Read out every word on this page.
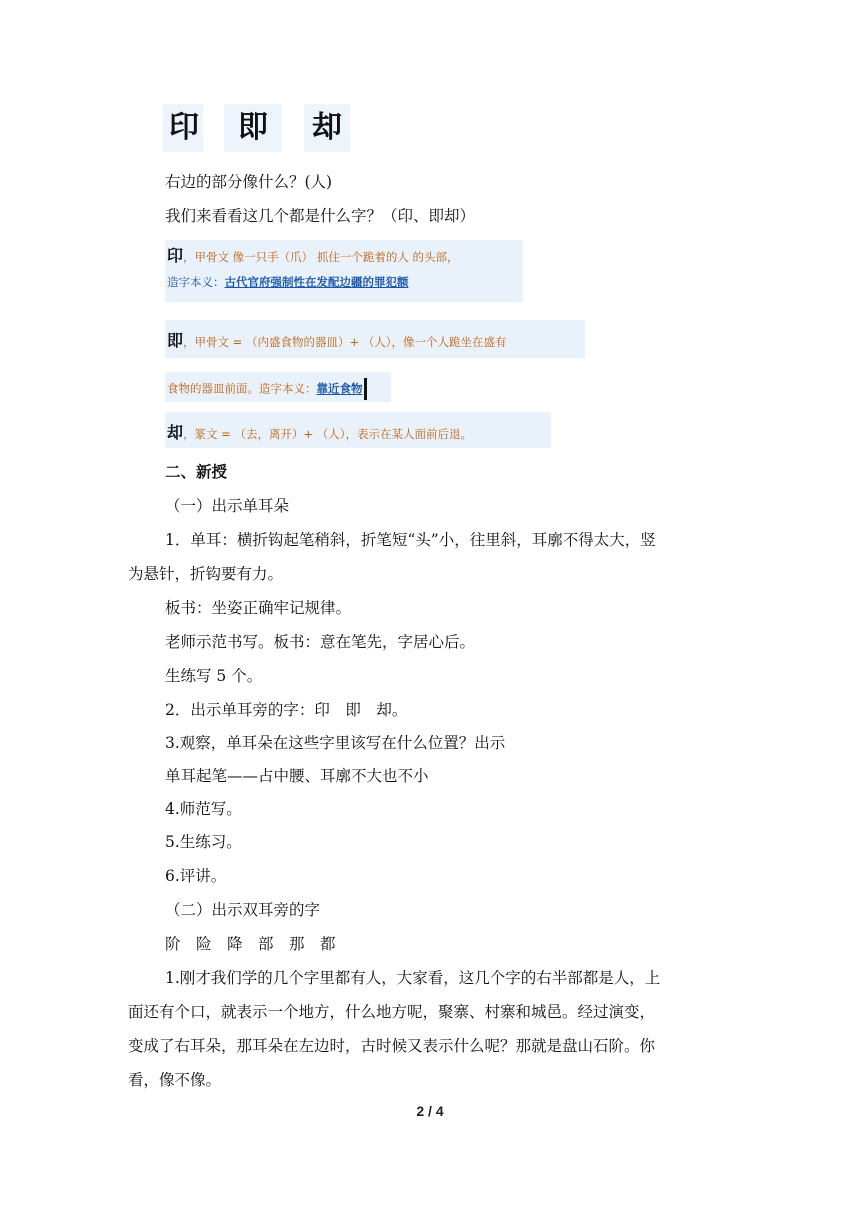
印 即 却
右边的部分像什么？(人)
我们来看看这几个都是什么字？（印、即却）
印，甲骨文 像一只手（爪） 抓住一个跪着的人 的头部，
造字本义：古代官府强制性在发配边疆的罪犯额
即，甲骨文 = （内盛食物的器皿）+ （人），像一个人跪坐在盛有
食物的器皿前面。造字本义：靠近食物
却，篆文 = （去，离开）+ （人），表示在某人面前后退。
二、新授
（一）出示单耳朵
1．单耳：横折钩起笔稍斜，折笔短“头”小，往里斜，耳廓不得太大，竖
为悬针，折钩要有力。
板书：坐姿正确牢记规律。
老师示范书写。板书：意在笔先，字居心后。
生练写 5 个。
2．出示单耳旁的字：印　即　却。
3.观察，单耳朵在这些字里该写在什么位置？出示
单耳起笔——占中腰、耳廓不大也不小
4.师范写。
5.生练习。
6.评讲。
（二）出示双耳旁的字
阶　险　降　部　那　都
1.刚才我们学的几个字里都有人，大家看，这几个字的右半部都是人，上
面还有个口，就表示一个地方，什么地方呢，聚寨、村寨和城邑。经过演变，
变成了右耳朵，那耳朵在左边时，古时候又表示什么呢？那就是盘山石阶。你
看，像不像。
2 / 4
